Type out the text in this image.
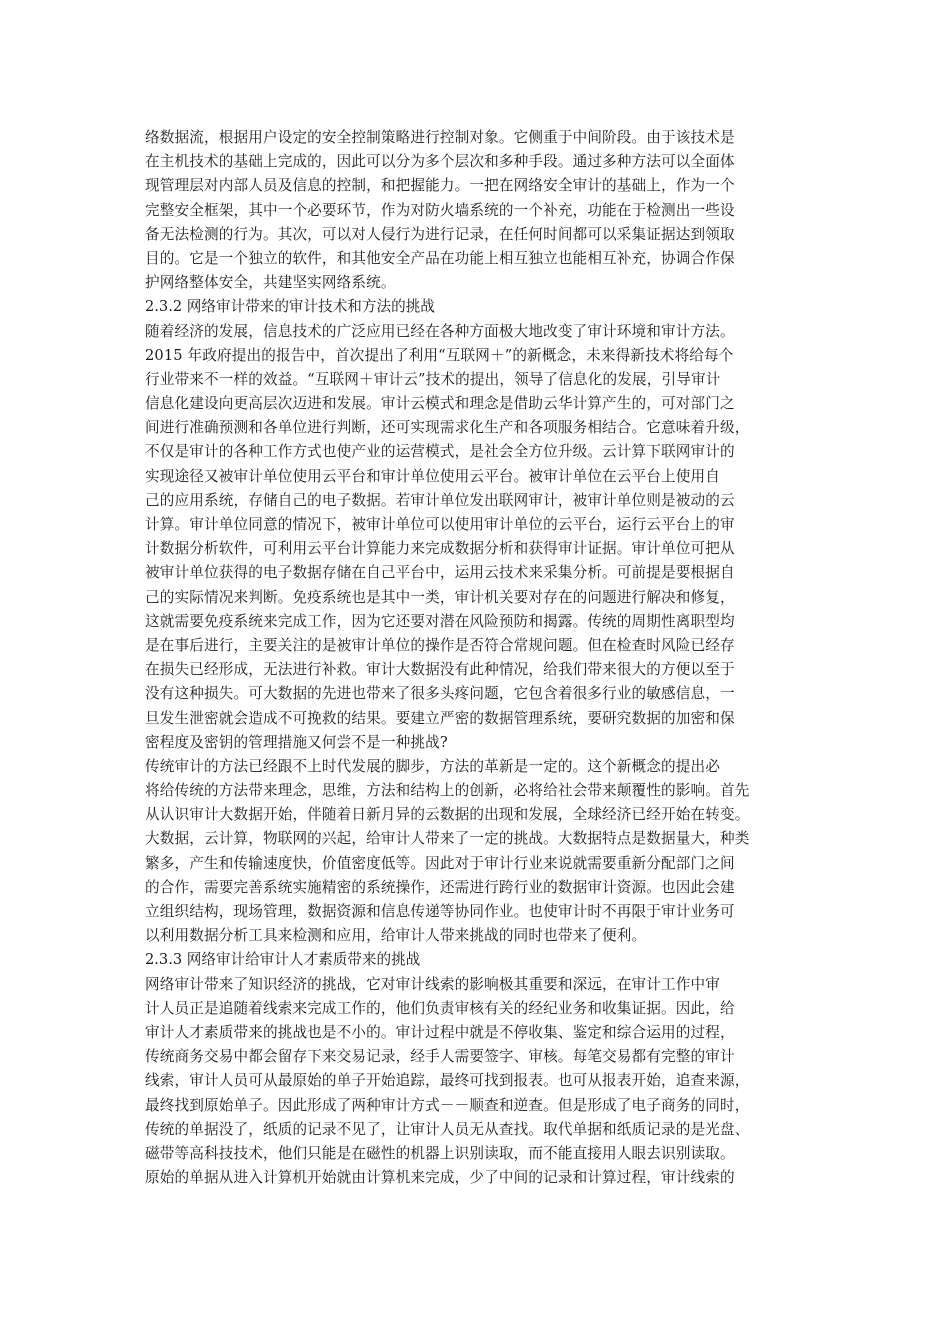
络数据流，根据用户设定的安全控制策略进行控制对象。它侧重于中间阶段。由于该技术是
在主机技术的基础上完成的，因此可以分为多个层次和多种手段。通过多种方法可以全面体
现管理层对内部人员及信息的控制，和把握能力。一把在网络安全审计的基础上，作为一个
完整安全框架，其中一个必要环节，作为对防火墙系统的一个补充，功能在于检测出一些设
备无法检测的行为。其次，可以对人侵行为进行记录，在任何时间都可以采集证据达到领取
目的。它是一个独立的软件，和其他安全产品在功能上相互独立也能相互补充，协调合作保
护网络整体安全，共建坚实网络系统。
2.3.2 网络审计带来的审计技术和方法的挑战
随着经济的发展，信息技术的广泛应用已经在各种方面极大地改变了审计环境和审计方法。
2015 年政府提出的报告中，首次提出了利用“互联网＋”的新概念，未来得新技术将给每个
行业带来不一样的效益。“互联网＋审计云”技术的提出，领导了信息化的发展，引导审计
信息化建设向更高层次迈进和发展。审计云模式和理念是借助云华计算产生的，可对部门之
间进行准确预测和各单位进行判断，还可实现需求化生产和各项服务相结合。它意味着升级，
不仅是审计的各种工作方式也使产业的运营模式，是社会全方位升级。云计算下联网审计的
实现途径又被审计单位使用云平台和审计单位使用云平台。被审计单位在云平台上使用自
己的应用系统，存储自己的电子数据。若审计单位发出联网审计，被审计单位则是被动的云
计算。审计单位同意的情况下，被审计单位可以使用审计单位的云平台，运行云平台上的审
计数据分析软件，可利用云平台计算能力来完成数据分析和获得审计证据。审计单位可把从
被审计单位获得的电子数据存储在自己平台中，运用云技术来采集分析。可前提是要根据自
己的实际情况来判断。免疫系统也是其中一类，审计机关要对存在的问题进行解决和修复，
这就需要免疫系统来完成工作，因为它还要对潜在风险预防和揭露。传统的周期性离职型均
是在事后进行，主要关注的是被审计单位的操作是否符合常规问题。但在检查时风险已经存
在损失已经形成，无法进行补救。审计大数据没有此种情况，给我们带来很大的方便以至于
没有这种损失。可大数据的先进也带来了很多头疼问题，它包含着很多行业的敏感信息，一
旦发生泄密就会造成不可挽救的结果。要建立严密的数据管理系统，要研究数据的加密和保
密程度及密钥的管理措施又何尝不是一种挑战?
传统审计的方法已经跟不上时代发展的脚步，方法的革新是一定的。这个新概念的提出必
将给传统的方法带来理念，思维，方法和结构上的创新，必将给社会带来颠覆性的影响。首先
从认识审计大数据开始，伴随着日新月异的云数据的出现和发展，全球经济已经开始在转变。
大数据，云计算，物联网的兴起，给审计人带来了一定的挑战。大数据特点是数据量大，种类
繁多，产生和传输速度快，价值密度低等。因此对于审计行业来说就需要重新分配部门之间
的合作，需要完善系统实施精密的系统操作，还需进行跨行业的数据审计资源。也因此会建
立组织结构，现场管理，数据资源和信息传递等协同作业。也使审计时不再限于审计业务可
以利用数据分析工具来检测和应用，给审计人带来挑战的同时也带来了便利。
2.3.3 网络审计给审计人才素质带来的挑战
网络审计带来了知识经济的挑战，它对审计线索的影响极其重要和深远，在审计工作中审
计人员正是追随着线索来完成工作的，他们负责审核有关的经纪业务和收集证据。因此，给
审计人才素质带来的挑战也是不小的。审计过程中就是不停收集、鉴定和综合运用的过程，
传统商务交易中都会留存下来交易记录，经手人需要签字、审核。每笔交易都有完整的审计
线索，审计人员可从最原始的单子开始追踪，最终可找到报表。也可从报表开始，追查来源，
最终找到原始单子。因此形成了两种审计方式－－顺查和逆查。但是形成了电子商务的同时，
传统的单据没了，纸质的记录不见了，让审计人员无从查找。取代单据和纸质记录的是光盘、
磁带等高科技技术，他们只能是在磁性的机器上识别读取，而不能直接用人眼去识别读取。
原始的单据从进入计算机开始就由计算机来完成，少了中间的记录和计算过程，审计线索的
